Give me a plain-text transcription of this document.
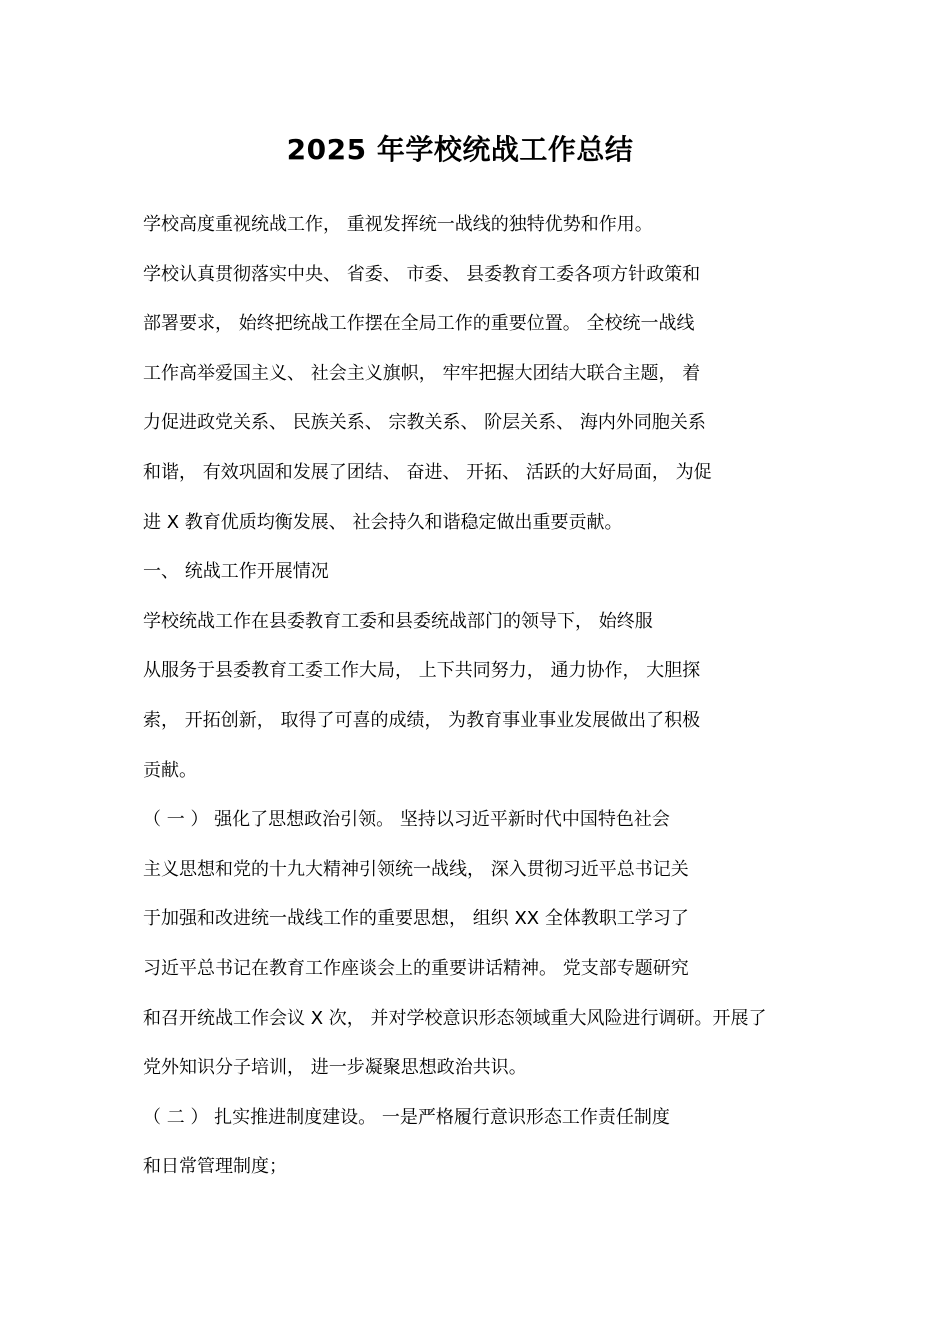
2025 年学校统战工作总结
学校高度重视统战工作， 重视发挥统一战线的独特优势和作用。
学校认真贯彻落实中央、 省委、 市委、 县委教育工委各项方针政策和
部署要求， 始终把统战工作摆在全局工作的重要位置。 全校统一战线
工作高举爱国主义、 社会主义旗帜， 牢牢把握大团结大联合主题， 着
力促进政党关系、 民族关系、 宗教关系、 阶层关系、 海内外同胞关系
和谐， 有效巩固和发展了团结、 奋进、 开拓、 活跃的大好局面， 为促
进 X 教育优质均衡发展、 社会持久和谐稳定做出重要贡献。
一、 统战工作开展情况
学校统战工作在县委教育工委和县委统战部门的领导下， 始终服
从服务于县委教育工委工作大局， 上下共同努力， 通力协作， 大胆探
索， 开拓创新， 取得了可喜的成绩， 为教育事业事业发展做出了积极
贡献。
（ 一 ） 强化了思想政治引领。 坚持以习近平新时代中国特色社会
主义思想和党的十九大精神引领统一战线， 深入贯彻习近平总书记关
于加强和改进统一战线工作的重要思想， 组织 XX 全体教职工学习了
习近平总书记在教育工作座谈会上的重要讲话精神。 党支部专题研究
和召开统战工作会议 X 次， 并对学校意识形态领域重大风险进行调研。开展了
党外知识分子培训， 进一步凝聚思想政治共识。
（ 二 ） 扎实推进制度建设。 一是严格履行意识形态工作责任制度
和日常管理制度；
